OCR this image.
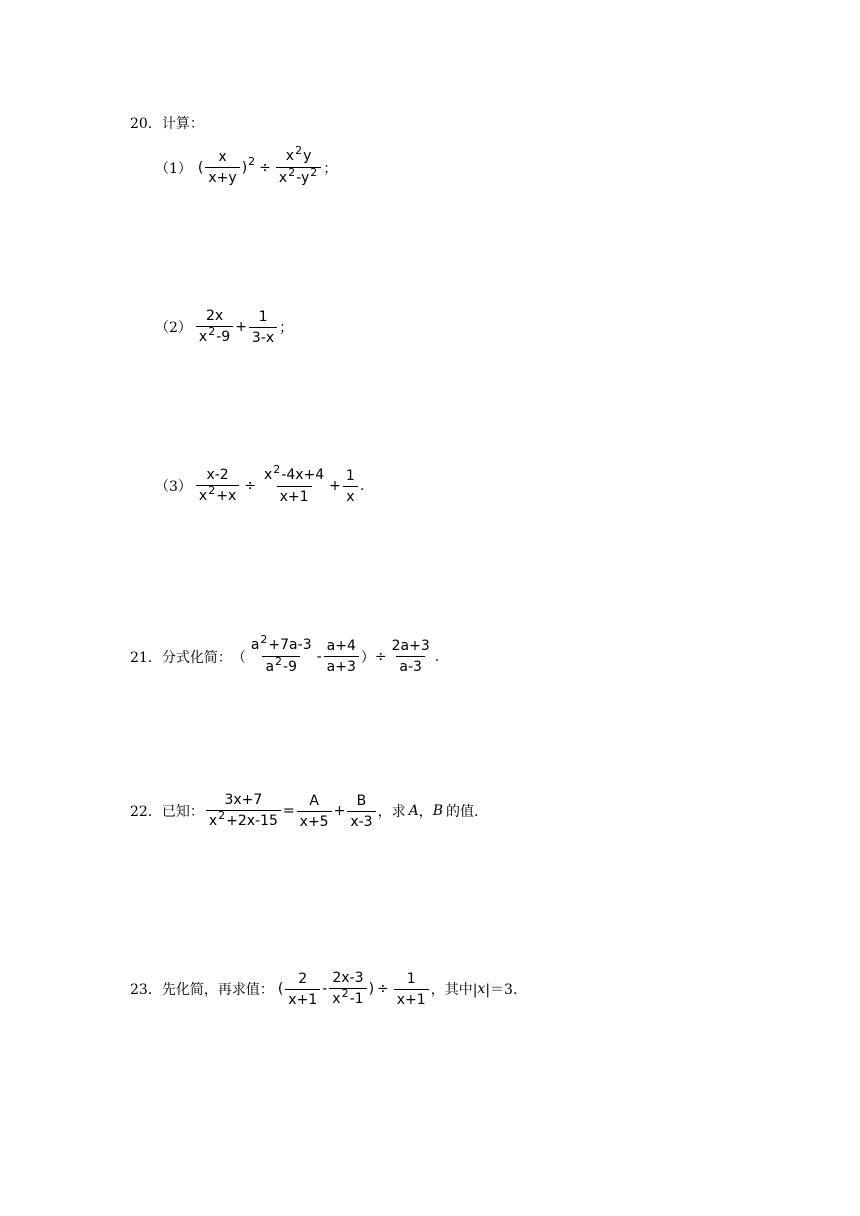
20．计算：
（1） ( $\frac{x}{x+y}$ ) $2 \div \frac{x^2y}{x^2-y^2}$ ；
$(2) \frac{2x}{x^2-9} + \frac{1}{3-x}$ ；
$(3) \frac{x-2}{x^2+x} \div \frac{x^2-4x+4}{x+1} + \frac{1}{x}$ .
21．分式化简： （ $\frac{a^2+7a-3}{a^2-9} - \frac{a+4}{a+3}$ ） ÷ $\frac{2a+3}{a-3}$ .
22．已知： $\frac{3x+7}{x^2+2x-15} = \frac{A}{x+5} + \frac{B}{x-3}$ ，求 A ， B 的值.
23．先化简，再求值： ( $\frac{2}{x+1} - \frac{2x-3}{x^2-1}$ ) ÷ $\frac{1}{x+1}$ ，其中| x |＝3.
